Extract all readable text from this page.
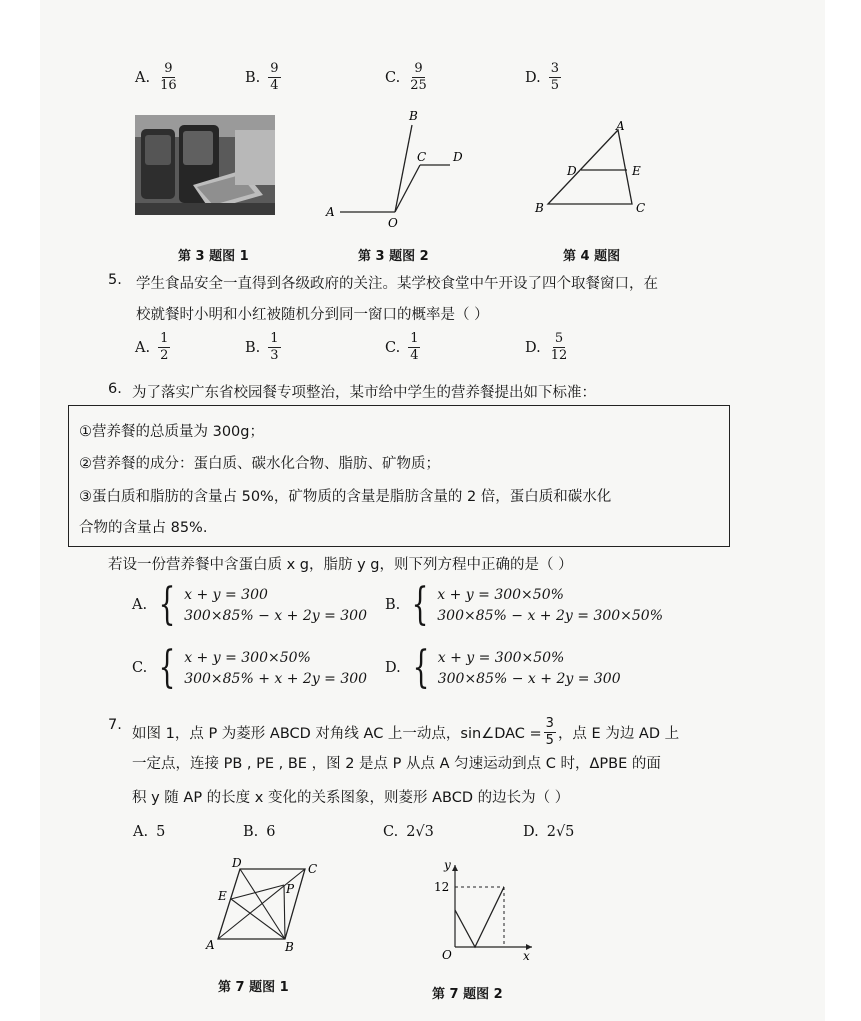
A. $\frac{9}{16}$	B. $\frac{9}{4}$	C. $\frac{9}{25}$	D. $\frac{3}{5}$
B
C D
A
O
A
D	E
B	C
第 3 题图 1	第 3 题图 2	第 4 题图
5. 学生食品安全一直得到各级政府的关注。某学校食堂中午开设了四个取餐窗口，在
校就餐时小明和小红被随机分到同一窗口的概率是（ ）
A. $\frac{1}{2}$	B. $\frac{1}{3}$	C. $\frac{1}{4}$	D. $\frac{5}{12}$
6. 为了落实广东省校园餐专项整治，某市给中学生的营养餐提出如下标准：
①营养餐的总质量为 300g；
②营养餐的成分：蛋白质、碳水化合物、脂肪、矿物质；
③蛋白质和脂肪的含量占 50%，矿物质的含量是脂肪含量的 2 倍，蛋白质和碳水化
合物的含量占 85%.
若设一份营养餐中含蛋白质 x g，脂肪 y g，则下列方程中正确的是（ ）
A. { x + y = 300
300×85% − x + 2y = 300
B. { x + y = 300×50%
300×85% − x + 2y = 300×50%
C. { x + y = 300×50%
300×85% + x + 2y = 300
D. { x + y = 300×50%
300×85% − x + 2y = 300
7.
如图 1，点 P 为菱形 ABCD 对角线 AC 上一动点，sin∠DAC = $\frac{3}{5}$ ，点 E 为边 AD 上
一定点，连接 PB , PE , BE ，图 2 是点 P 从点 A 匀速运动到点 C 时，ΔPBE 的面
积 y 随 AP 的长度 x 变化的关系图象，则菱形 ABCD 的边长为（ ）
A. 5	B. 6	C. 2√3	D. 2√5
D	C
E	P
A	B
y
12
O	x
第 7 题图 1	第 7 题图 2
